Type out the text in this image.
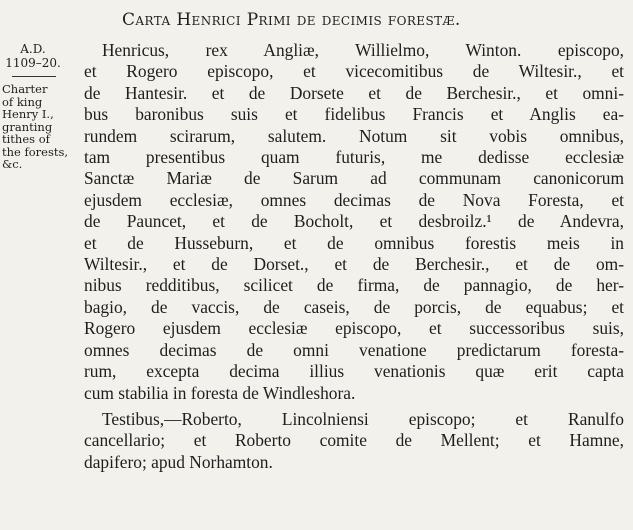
Carta Henrici Primi de decimis forestæ.
A.D.
1109–20.
Charter
of king
Henry I.,
granting
tithes of
the forests,
&c.
Henricus, rex Angliæ, Willielmo, Winton. episcopo,
et Rogero episcopo, et vicecomitibus de Wiltesir., et
de Hantesir. et de Dorsete et de Berchesir., et omni-
bus baronibus suis et fidelibus Francis et Anglis ea-
rundem scirarum, salutem. Notum sit vobis omnibus,
tam presentibus quam futuris, me dedisse ecclesiæ
Sanctæ Mariæ de Sarum ad communam canonicorum
ejusdem ecclesiæ, omnes decimas de Nova Foresta, et
de Pauncet, et de Bocholt, et desbroilz.¹ de Andevra,
et de Husseburn, et de omnibus forestis meis in
Wiltesir., et de Dorset., et de Berchesir., et de om-
nibus redditibus, scilicet de firma, de pannagio, de her-
bagio, de vaccis, de caseis, de porcis, de equabus; et
Rogero ejusdem ecclesiæ episcopo, et successoribus suis,
omnes decimas de omni venatione predictarum foresta-
rum, excepta decima illius venationis quæ erit capta
cum stabilia in foresta de Windleshora.
Testibus,—Roberto, Lincolniensi episcopo; et Ranulfo
cancellario; et Roberto comite de Mellent; et Hamne,
dapifero; apud Norhamton.
